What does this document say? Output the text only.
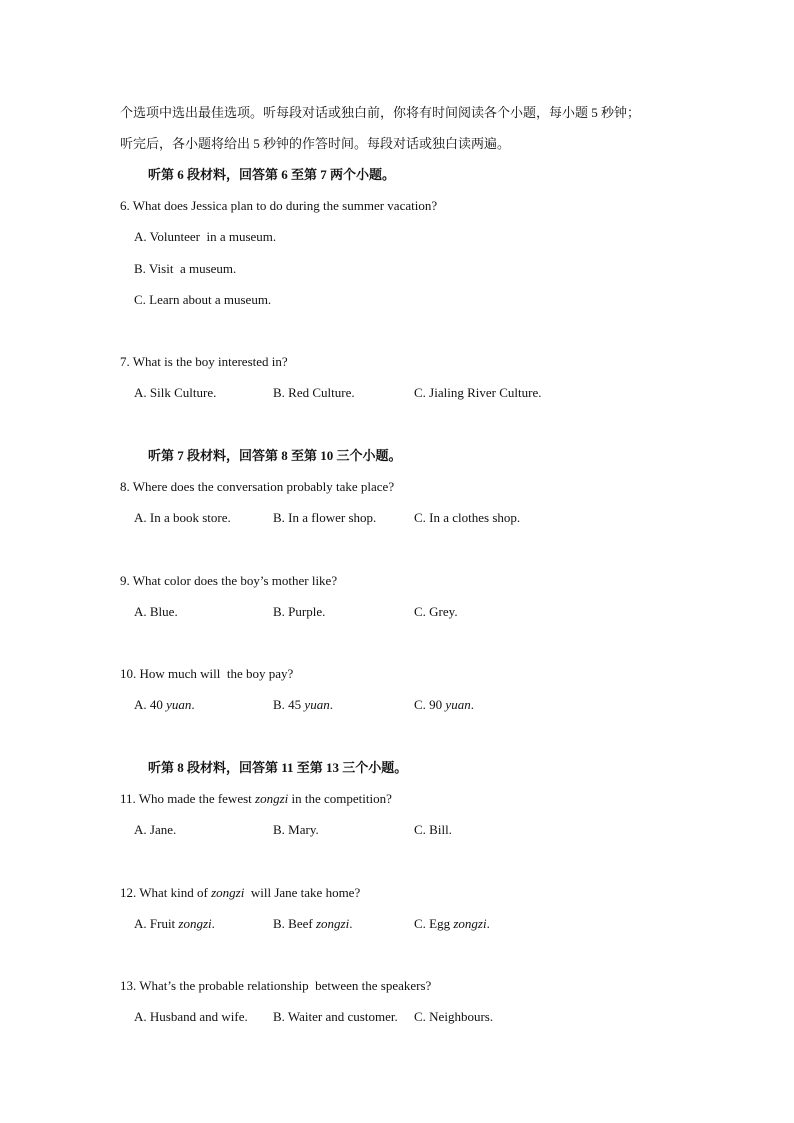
个选项中选出最佳选项。听每段对话或独白前，你将有时间阅读各个小题，每小题 5 秒钟；
听完后，各小题将给出 5 秒钟的作答时间。每段对话或独白读两遍。
听第 6 段材料，回答第 6 至第 7 两个小题。
6. What does Jessica plan to do during the summer vacation?
A. Volunteer  in a museum.
B. Visit  a museum.
C. Learn about a museum.
7. What is the boy interested in?
A. Silk Culture.	B. Red Culture.	C. Jialing River Culture.
听第 7 段材料，回答第 8 至第 10 三个小题。
8. Where does the conversation probably take place?
A. In a book store.	B. In a flower shop.	C. In a clothes shop.
9. What color does the boy’s mother like?
A. Blue.	B. Purple.	C. Grey.
10. How much will  the boy pay?
A. 40 yuan.	B. 45 yuan.	C. 90 yuan.
听第 8 段材料，回答第 11 至第 13 三个小题。
11. Who made the fewest zongzi in the competition?
A. Jane.	B. Mary.	C. Bill.
12. What kind of zongzi  will Jane take home?
A. Fruit zongzi.	B. Beef zongzi.	C. Egg zongzi.
13. What’s the probable relationship  between the speakers?
A. Husband and wife. B. Waiter and customer. C. Neighbours.
